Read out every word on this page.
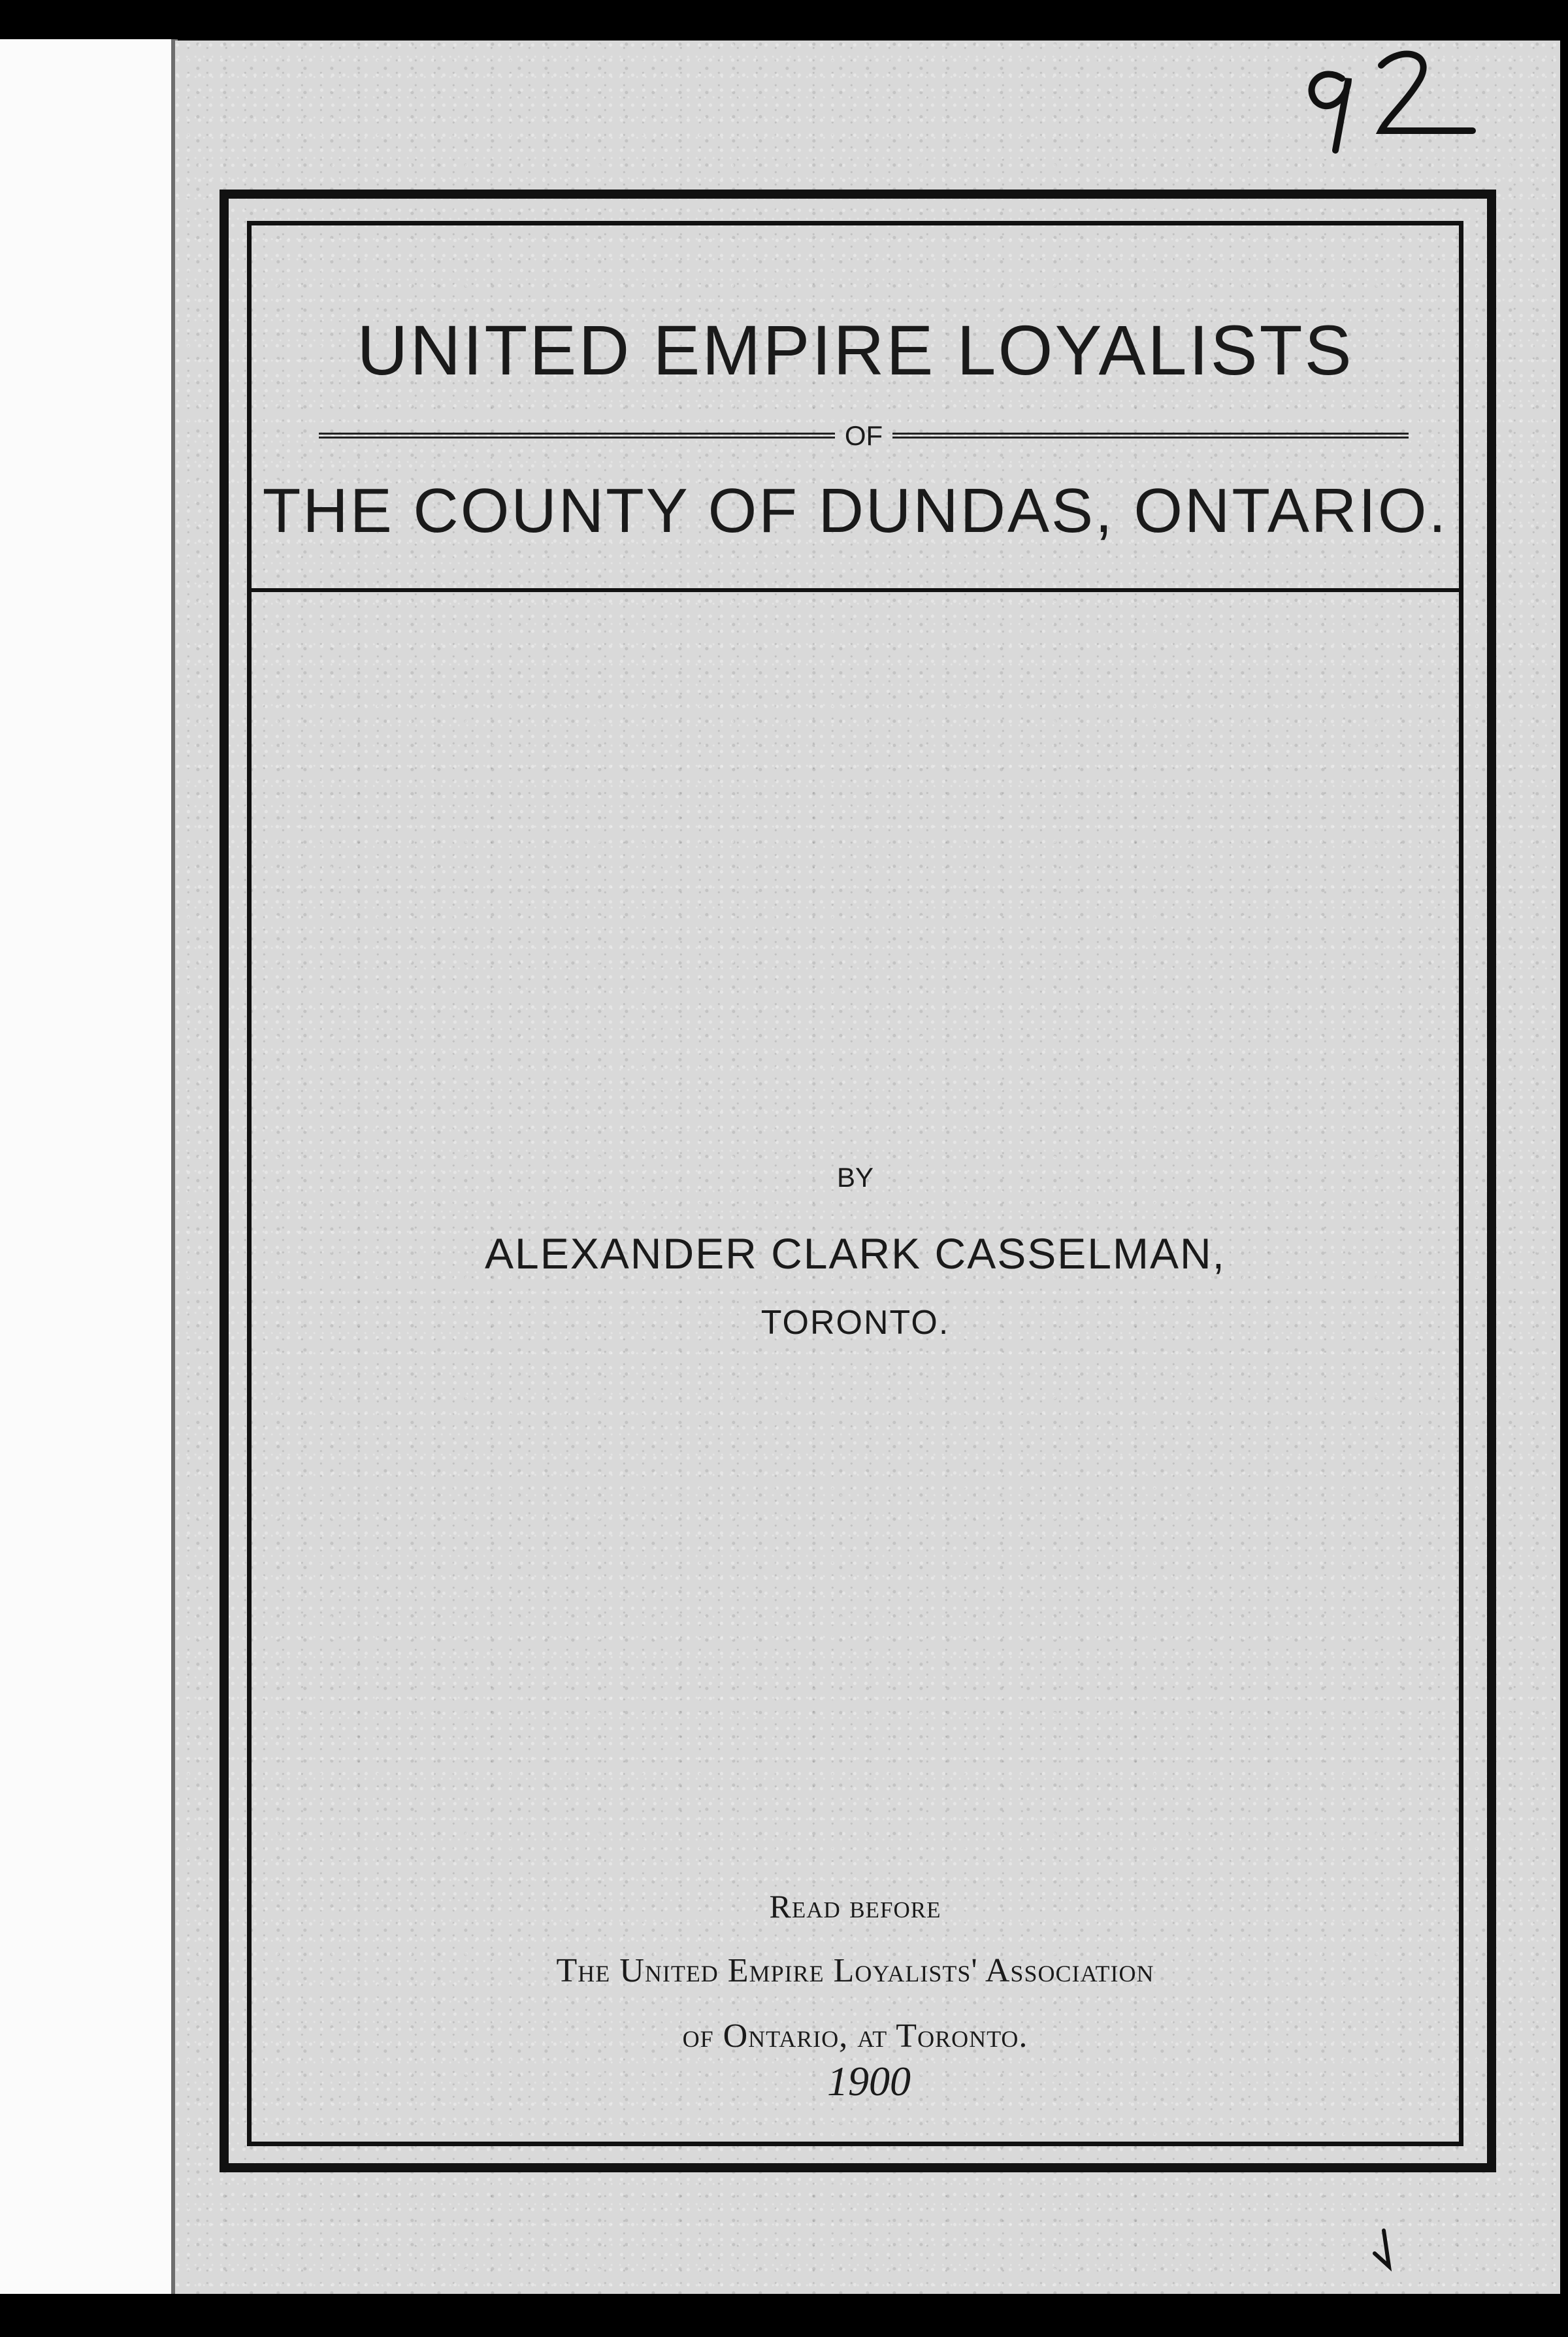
UNITED EMPIRE LOYALISTS
OF
THE COUNTY OF DUNDAS, ONTARIO.
BY
ALEXANDER CLARK CASSELMAN,
TORONTO.
Read before
The United Empire Loyalists' Association
of Ontario, at Toronto.
1900
